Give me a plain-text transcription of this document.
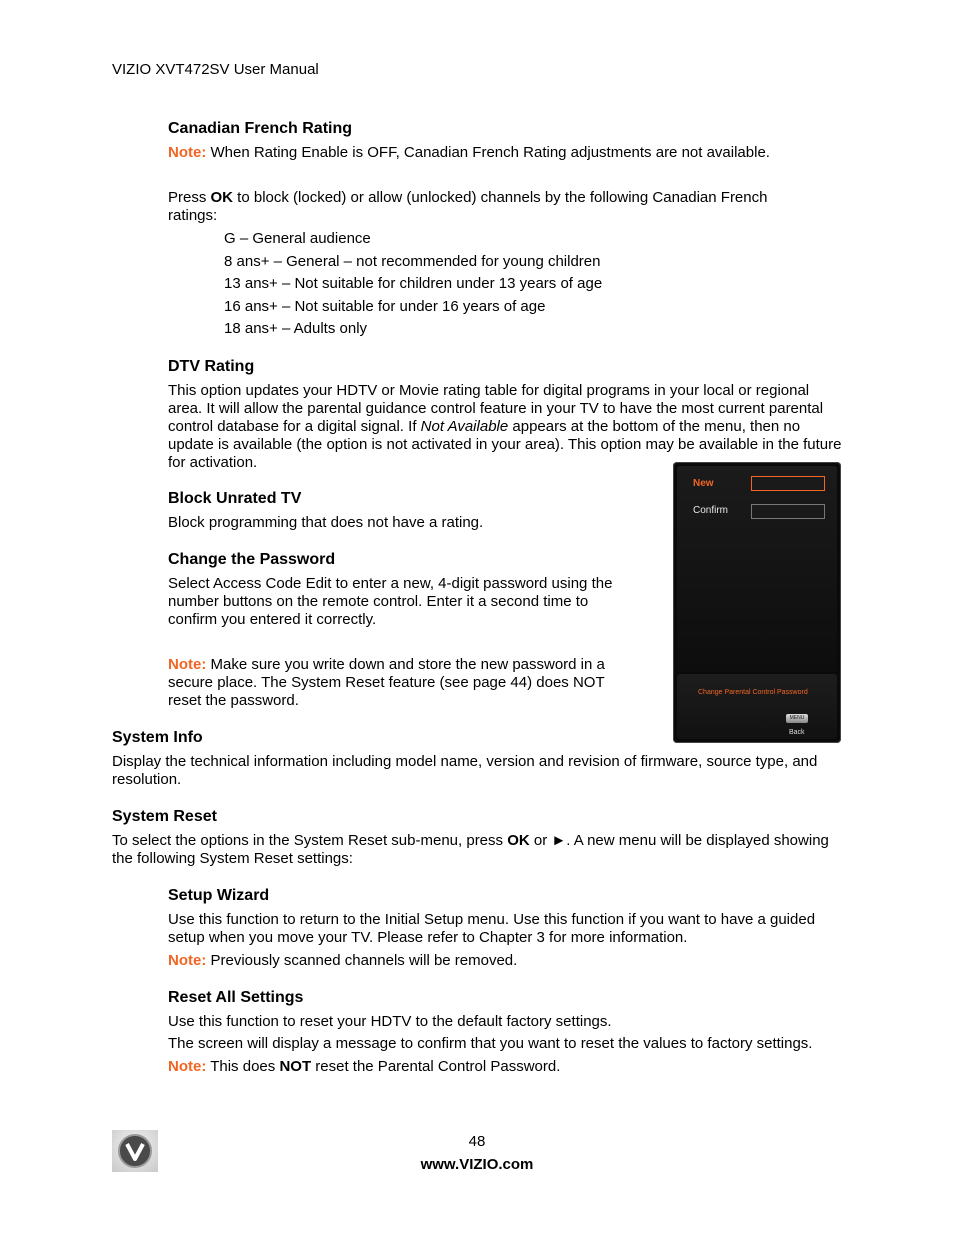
VIZIO XVT472SV User Manual
Canadian French Rating
Note: When Rating Enable is OFF, Canadian French Rating adjustments are not available.
Press OK to block (locked) or allow (unlocked) channels by the following Canadian French ratings:
G – General audience
8 ans+ – General – not recommended for young children
13 ans+ – Not suitable for children under 13 years of age
16 ans+ – Not suitable for under 16 years of age
18 ans+ – Adults only
DTV Rating
This option updates your HDTV or Movie rating table for digital programs in your local or regional area. It will allow the parental guidance control feature in your TV to have the most current parental control database for a digital signal. If Not Available appears at the bottom of the menu, then no update is available (the option is not activated in your area). This option may be available in the future for activation.
Block Unrated TV
Block programming that does not have a rating.
Change the Password
Select Access Code Edit to enter a new, 4-digit password using the number buttons on the remote control. Enter it a second time to confirm you entered it correctly.
Note: Make sure you write down and store the new password in a secure place. The System Reset feature (see page 44) does NOT reset the password.
New
Confirm
Change Parental Control Password
MENU
Back
System Info
Display the technical information including model name, version and revision of firmware, source type, and resolution.
System Reset
To select the options in the System Reset sub-menu, press OK or ►. A new menu will be displayed showing the following System Reset settings:
Setup Wizard
Use this function to return to the Initial Setup menu. Use this function if you want to have a guided setup when you move your TV. Please refer to Chapter 3 for more information.
Note: Previously scanned channels will be removed.
Reset All Settings
Use this function to reset your HDTV to the default factory settings.
The screen will display a message to confirm that you want to reset the values to factory settings.
Note: This does NOT reset the Parental Control Password.
48
www.VIZIO.com
